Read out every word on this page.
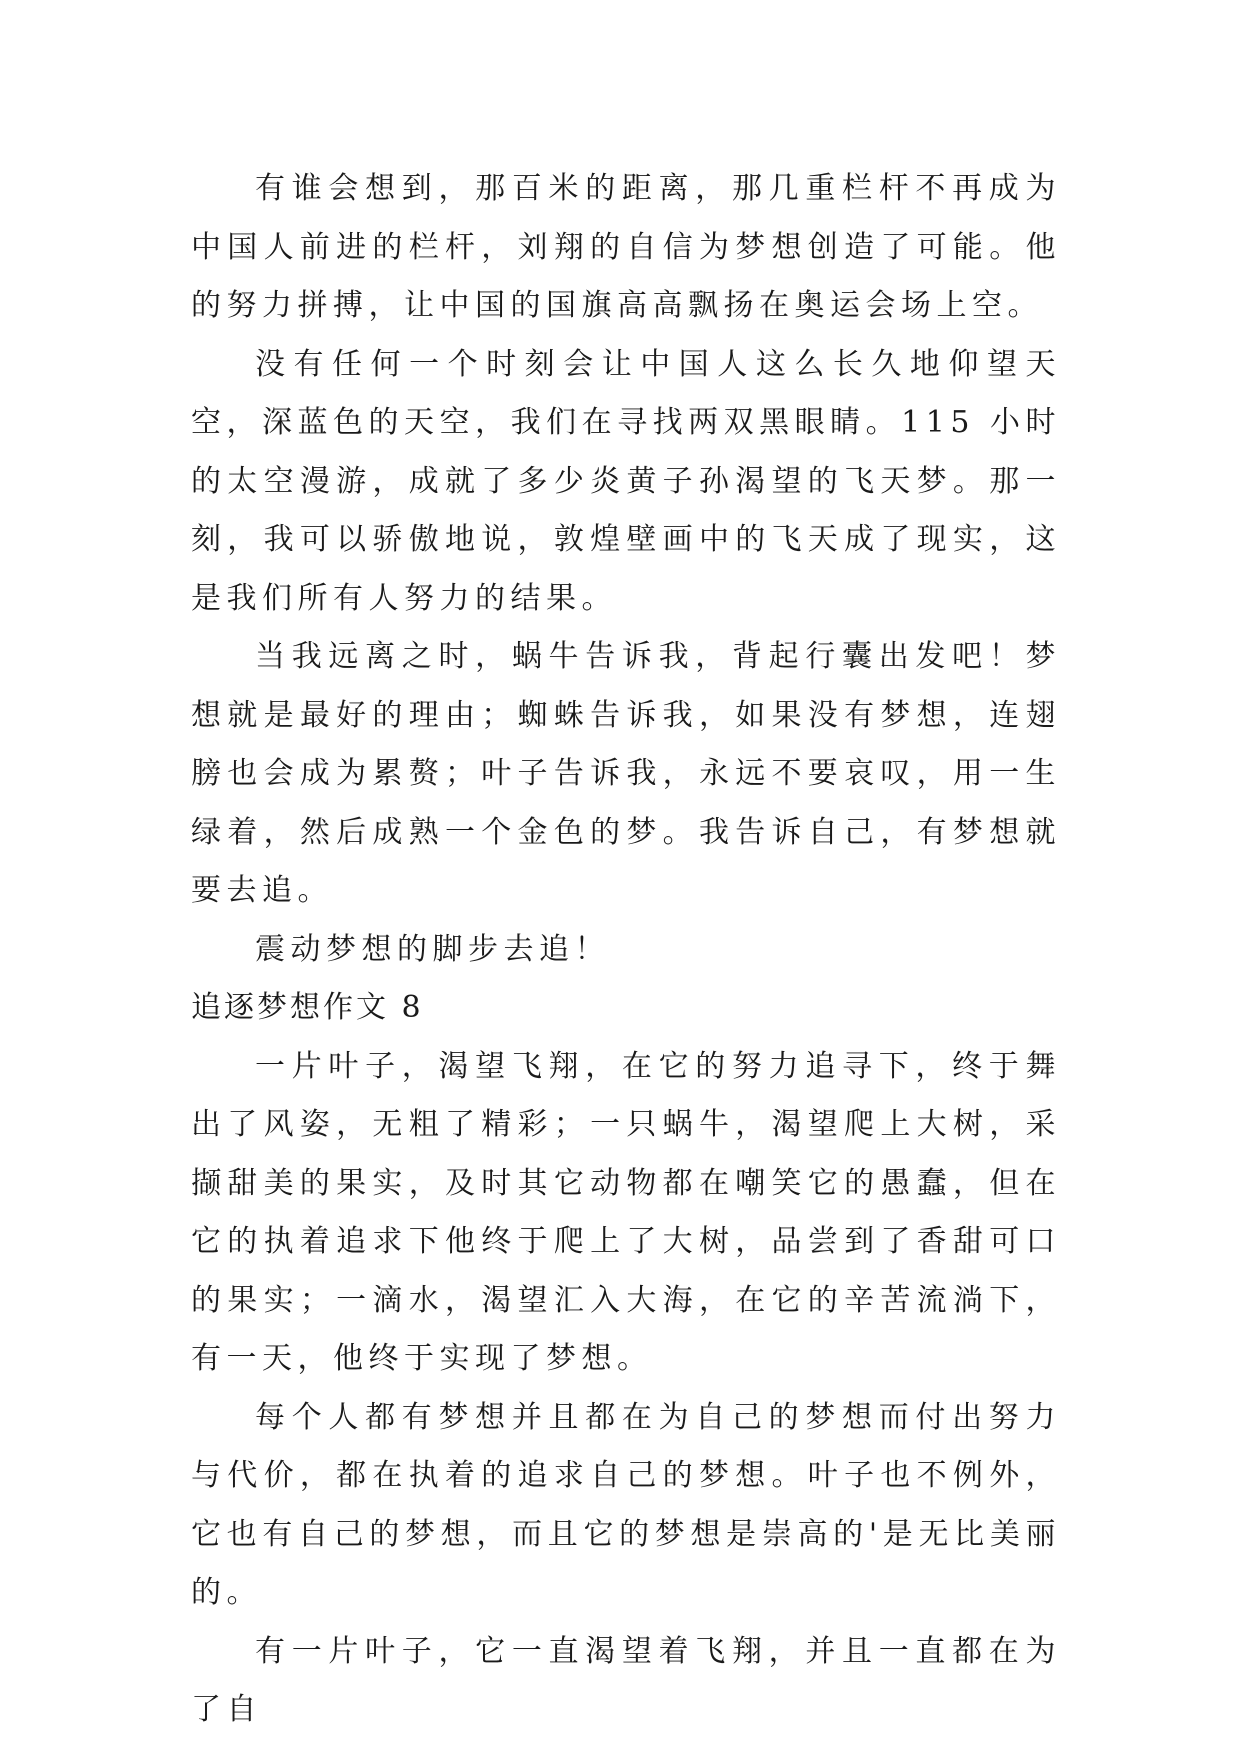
有谁会想到，那百米的距离，那几重栏杆不再成为中国人前进的栏杆，刘翔的自信为梦想创造了可能。他的努力拼搏，让中国的国旗高高飘扬在奥运会场上空。

没有任何一个时刻会让中国人这么长久地仰望天空，深蓝色的天空，我们在寻找两双黑眼睛。115 小时的太空漫游，成就了多少炎黄子孙渴望的飞天梦。那一刻，我可以骄傲地说，敦煌壁画中的飞天成了现实，这是我们所有人努力的结果。

当我远离之时，蜗牛告诉我，背起行囊出发吧！梦想就是最好的理由；蜘蛛告诉我，如果没有梦想，连翅膀也会成为累赘；叶子告诉我，永远不要哀叹，用一生绿着，然后成熟一个金色的梦。我告诉自己，有梦想就要去追。

震动梦想的脚步去追！

追逐梦想作文 8

一片叶子，渴望飞翔，在它的努力追寻下，终于舞出了风姿，无粗了精彩；一只蜗牛，渴望爬上大树，采撷甜美的果实，及时其它动物都在嘲笑它的愚蠢，但在它的执着追求下他终于爬上了大树，品尝到了香甜可口的果实；一滴水，渴望汇入大海，在它的辛苦流淌下，有一天，他终于实现了梦想。

每个人都有梦想并且都在为自己的梦想而付出努力与代价，都在执着的追求自己的梦想。叶子也不例外，它也有自己的梦想，而且它的梦想是崇高的'是无比美丽的。

有一片叶子，它一直渴望着飞翔，并且一直都在为了自
